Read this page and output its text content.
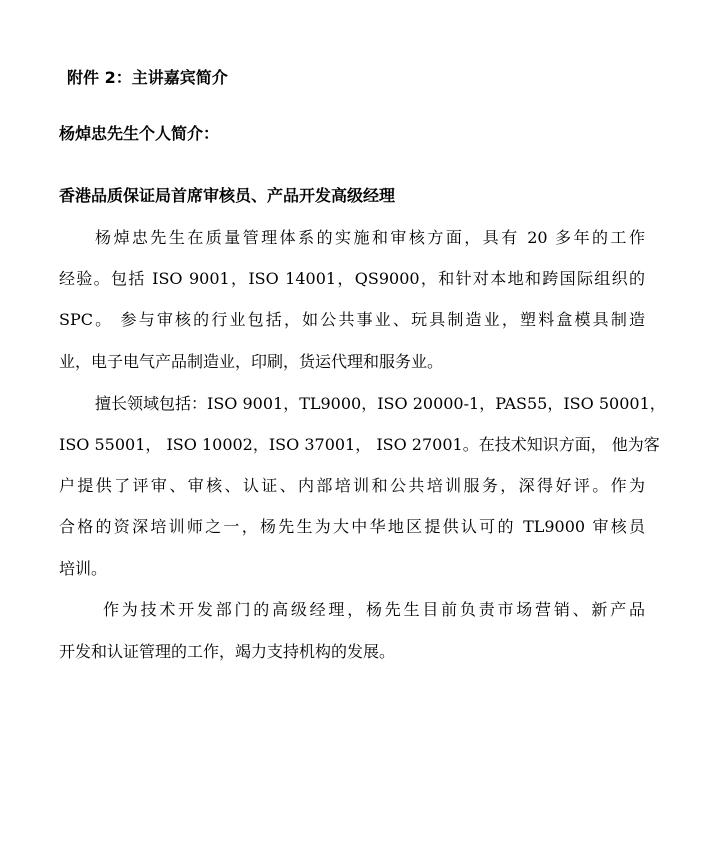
附件 2：主讲嘉宾简介
杨焯忠先生个人简介：
香港品质保证局首席审核员、产品开发高级经理

杨焯忠先生在质量管理体系的实施和审核方面，具有 20 多年的工作

经验。包括 ISO 9001，ISO 14001，QS9000，和针对本地和跨国际组织的

SPC。 参与审核的行业包括，如公共事业、玩具制造业，塑料盒模具制造

业，电子电气产品制造业，印刷，货运代理和服务业。

擅长领域包括：ISO 9001，TL9000，ISO 20000-1，PAS55，ISO 50001，

ISO 55001， ISO 10002，ISO 37001， ISO 27001。在技术知识方面， 他为客

户提供了评审、审核、认证、内部培训和公共培训服务，深得好评。作为

合格的资深培训师之一，杨先生为大中华地区提供认可的 TL9000 审核员

培训。

作为技术开发部门的高级经理，杨先生目前负责市场营销、新产品

开发和认证管理的工作，竭力支持机构的发展。
